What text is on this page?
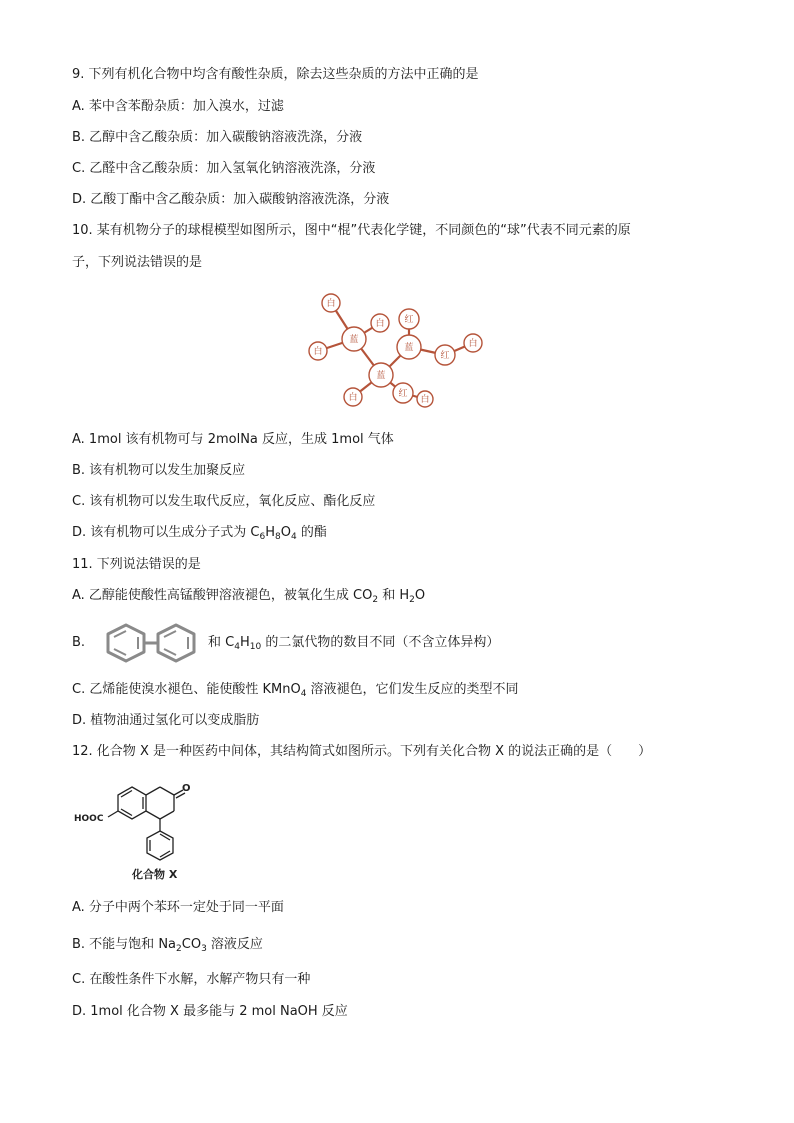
9. 下列有机化合物中均含有酸性杂质，除去这些杂质的方法中正确的是
A. 苯中含苯酚杂质：加入溴水，过滤
B. 乙醇中含乙酸杂质：加入碳酸钠溶液洗涤，分液
C. 乙醛中含乙酸杂质：加入氢氧化钠溶液洗涤，分液
D. 乙酸丁酯中含乙酸杂质：加入碳酸钠溶液洗涤，分液
10. 某有机物分子的球棍模型如图所示，图中“棍”代表化学键，不同颜色的“球”代表不同元素的原
子，下列说法错误的是
白
白
白
白
白
白
蓝
蓝
蓝
红
红
红
A. 1mol 该有机物可与 2molNa 反应，生成 1mol 气体
B. 该有机物可以发生加聚反应
C. 该有机物可以发生取代反应，氧化反应、酯化反应
D. 该有机物可以生成分子式为 $C_6H_8O_4$ 的酯
11. 下列说法错误的是
A. 乙醇能使酸性高锰酸钾溶液褪色，被氧化生成 $CO_2$ 和 $H_2O$
B.	和 $C_4H_{10}$ 的二氯代物的数目不同（不含立体异构）
C. 乙烯能使溴水褪色、能使酸性 KMnO$_4$ 溶液褪色，它们发生反应的类型不同
D. 植物油通过氢化可以变成脂肪
12. 化合物 X 是一种医药中间体，其结构简式如图所示。下列有关化合物 X 的说法正确的是（　　）
HOOC
O
化合物 X
A. 分子中两个苯环一定处于同一平面
B. 不能与饱和 $Na_2CO_3$ 溶液反应
C. 在酸性条件下水解，水解产物只有一种
D. 1mol 化合物 X 最多能与 2 mol NaOH 反应
